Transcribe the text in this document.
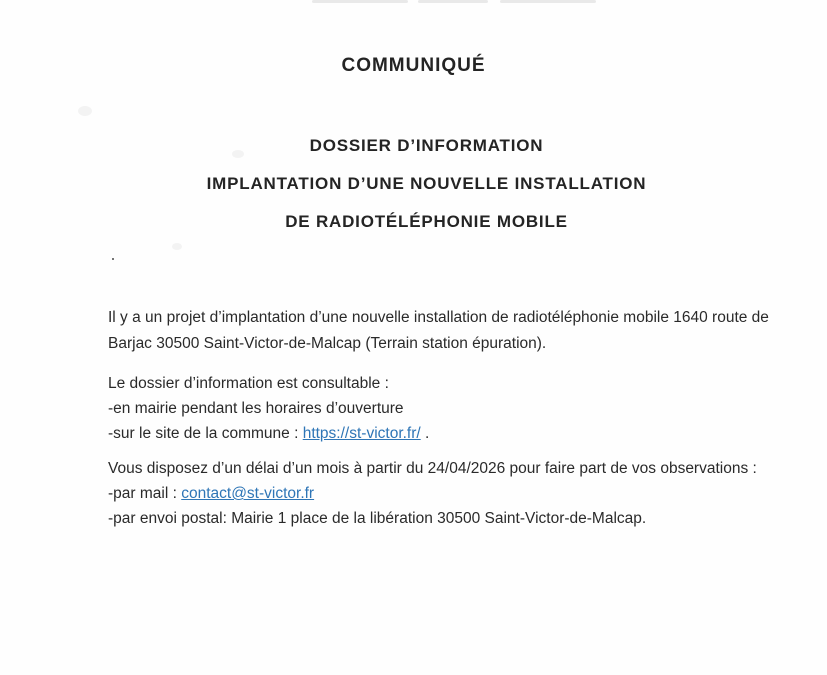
COMMUNIQUÉ
DOSSIER D’INFORMATION
IMPLANTATION D’UNE NOUVELLE INSTALLATION
DE RADIOTÉLÉPHONIE MOBILE
Il y a un projet d’implantation d’une nouvelle installation de radiotéléphonie mobile 1640 route de
Barjac 30500 Saint-Victor-de-Malcap (Terrain station épuration).
Le dossier d’information est consultable :
-en mairie pendant les horaires d’ouverture
-sur le site de la commune : https://st-victor.fr/ .
Vous disposez d’un délai d’un mois à partir du 24/04/2026 pour faire part de vos observations :
-par mail : contact@st-victor.fr
-par envoi postal: Mairie 1 place de la libération 30500 Saint-Victor-de-Malcap.
